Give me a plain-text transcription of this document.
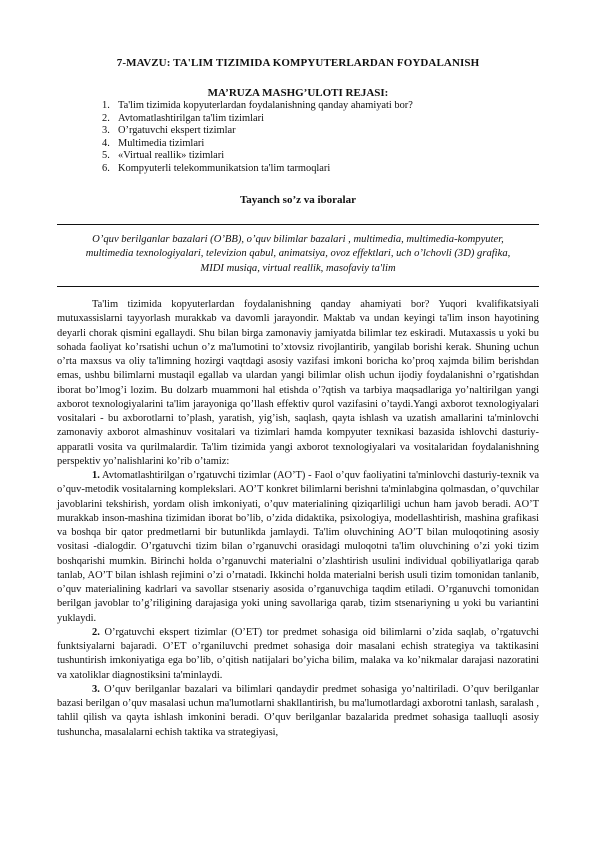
7-MAVZU: TA'LIM TIZIMIDA KOMPYUTERLARDAN FOYDALANISH
MA’RUZA MASHG’ULOTI REJASI:
1. Ta'lim tizimida kopyuterlardan foydalanishning qanday ahamiyati bor?
2. Avtomatlashtirilgan ta'lim tizimlari
3. O’rgatuvchi ekspert tizimlar
4. Multimedia tizimlari
5. «Virtual reallik» tizimlari
6. Kompyuterli telekommunikatsion ta'lim tarmoqlari
Tayanch so’z va iboralar
O’quv berilganlar bazalari (O’BB), o’quv bilimlar bazalari , multimedia, multimedia-kompyuter, multimedia texnologiyalari, televizion qabul, animatsiya, ovoz effektlari, uch o’lchovli (3D) grafika, MIDI musiqa, virtual reallik, masofaviy ta'lim

Ta'lim tizimida kopyuterlardan foydalanishning qanday ahamiyati bor? Yuqori kvalifikatsiyali mutuxassislarni tayyorlash murakkab va davomli jarayondir. Maktab va undan keyingi ta'lim inson hayotining deyarli chorak qismini egallaydi. Shu bilan birga zamonaviy jamiyatda bilimlar tez eskiradi. Mutaxassis u yoki bu sohada faoliyat ko’rsatishi uchun o’z ma'lumotini to’xtovsiz rivojlantirib, yangilab borishi kerak. Shuning uchun o’rta maxsus va oliy ta'limning hozirgi vaqtdagi asosiy vazifasi imkoni boricha ko’proq xajmda bilim berishdan emas, ushbu bilimlarni mustaqil egallab va ulardan yangi bilimlar olish uchun ijodiy foydalanishni o’rgatishdan iborat bo’lmog’i lozim. Bu dolzarb muammoni hal etishda o’?qtish va tarbiya maqsadlariga yo’naltirilgan yangi axborot texnologiyalarini ta'lim jarayoniga qo’llash effektiv qurol vazifasini o’taydi.Yangi axborot texnologiyalari vositalari - bu axborotlarni to’plash, yaratish, yig’ish, saqlash, qayta ishlash va uzatish amallarini ta'minlovchi zamonaviy axborot almashinuv vositalari va tizimlari hamda kompyuter texnikasi bazasida ishlovchi dasturiy-apparatli vosita va qurilmalardir. Ta'lim tizimida yangi axborot texnologiyalari va vositalaridan foydalanishning perspektiv yo’nalishlarini ko’rib o’tamiz:

1. Avtomatlashtirilgan o’rgatuvchi tizimlar (AO’T) - Faol o’quv faoliyatini ta'minlovchi dasturiy-texnik va o’quv-metodik vositalarning komplekslari. AO’T konkret bilimlarni berishni ta'minlabgina qolmasdan, o’quvchilar javoblarini tekshirish, yordam olish imkoniyati, o’quv materialining qiziqarliligi uchun ham javob beradi. AO’T murakkab inson-mashina tizimidan iborat bo’lib, o’zida didaktika, psixologiya, modellashtirish, mashina grafikasi va boshqa bir qator predmetlarni bir butunlikda jamlaydi. Ta'lim oluvchining AO’T bilan muloqotining asosiy vositasi -dialogdir. O’rgatuvchi tizim bilan o’rganuvchi orasidagi muloqotni ta'lim oluvchining o’zi yoki tizim boshqarishi mumkin. Birinchi holda o’rganuvchi materialni o’zlashtirish usulini individual qobiliyatlariga qarab tanlab, AO’T bilan ishlash rejimini o’zi o’rnatadi. Ikkinchi holda materialni berish usuli tizim tomonidan tanlanib, o’quv materialining kadrlari va savollar stsenariy asosida o’rganuvchiga taqdim etiladi. O’rganuvchi tomonidan berilgan javoblar to’g’riligining darajasiga yoki uning savollariga qarab, tizim stsenariyning u yoki bu variantini yuklaydi.

2. O’rgatuvchi ekspert tizimlar (O’ET) tor predmet sohasiga oid bilimlarni o’zida saqlab, o’rgatuvchi funktsiyalarni bajaradi. O’ET o’rganiluvchi predmet sohasiga doir masalani echish strategiya va taktikasini tushuntirish imkoniyatiga ega bo’lib, o’qitish natijalari bo’yicha bilim, malaka va ko’nikmalar darajasi nazoratini va xatoliklar diagnostiksini ta'minlaydi.

3. O’quv berilganlar bazalari va bilimlari qandaydir predmet sohasiga yo’naltiriladi. O’quv berilganlar bazasi berilgan o’quv masalasi uchun ma'lumotlarni shakllantirish, bu ma'lumotlardagi axborotni tanlash, saralash , tahlil qilish va qayta ishlash imkonini beradi. O’quv berilganlar bazalarida predmet sohasiga taalluqli asosiy tushuncha, masalalarni echish taktika va strategiyasi,
